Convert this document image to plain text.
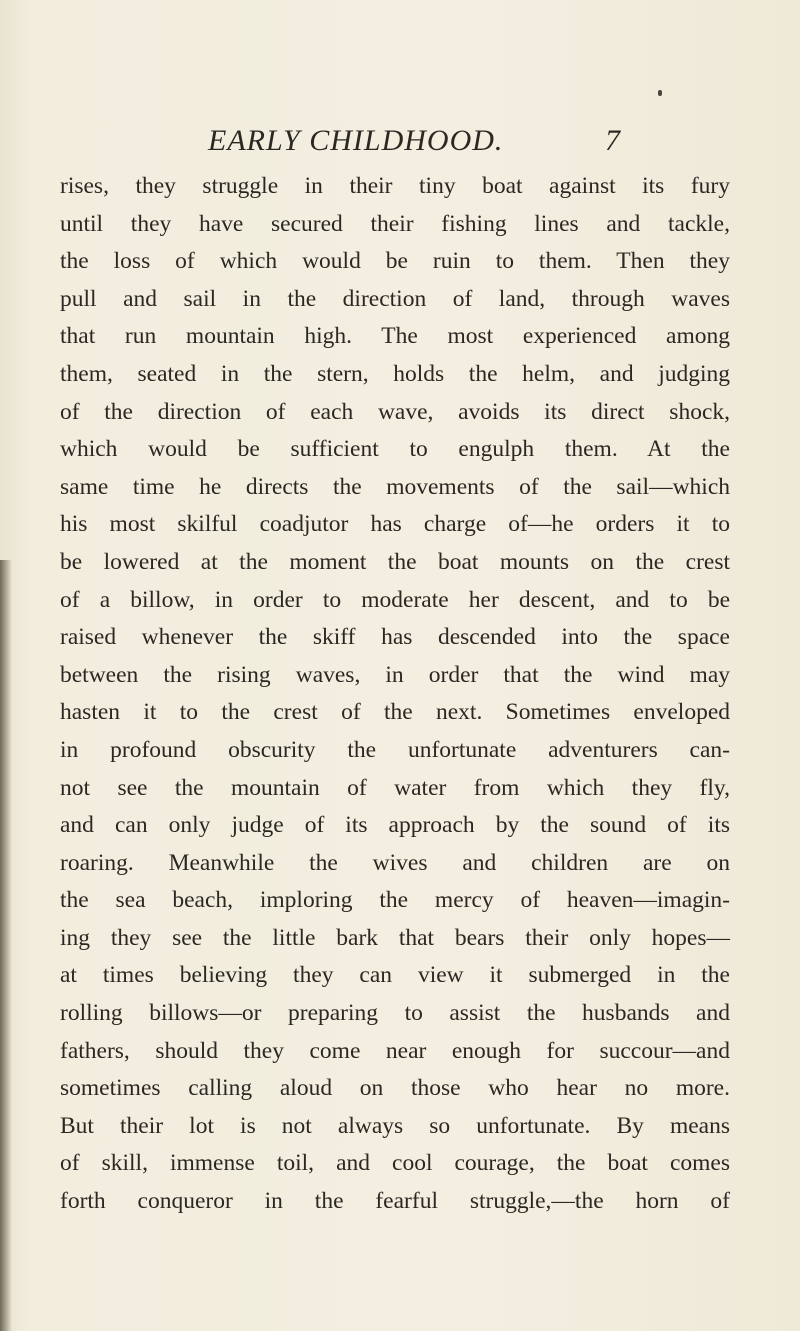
EARLY CHILDHOOD.	7
rises, they struggle in their tiny boat against its fury
until they have secured their fishing lines and tackle,
the loss of which would be ruin to them. Then they
pull and sail in the direction of land, through waves
that run mountain high. The most experienced among
them, seated in the stern, holds the helm, and judging
of the direction of each wave, avoids its direct shock,
which would be sufficient to engulph them. At the
same time he directs the movements of the sail—which
his most skilful coadjutor has charge of—he orders it to
be lowered at the moment the boat mounts on the crest
of a billow, in order to moderate her descent, and to be
raised whenever the skiff has descended into the space
between the rising waves, in order that the wind may
hasten it to the crest of the next. Sometimes enveloped
in profound obscurity the unfortunate adventurers can-
not see the mountain of water from which they fly,
and can only judge of its approach by the sound of its
roaring. Meanwhile the wives and children are on
the sea beach, imploring the mercy of heaven—imagin-
ing they see the little bark that bears their only hopes—
at times believing they can view it submerged in the
rolling billows—or preparing to assist the husbands and
fathers, should they come near enough for succour—and
sometimes calling aloud on those who hear no more.
But their lot is not always so unfortunate. By means
of skill, immense toil, and cool courage, the boat comes
forth conqueror in the fearful struggle,—the horn of
